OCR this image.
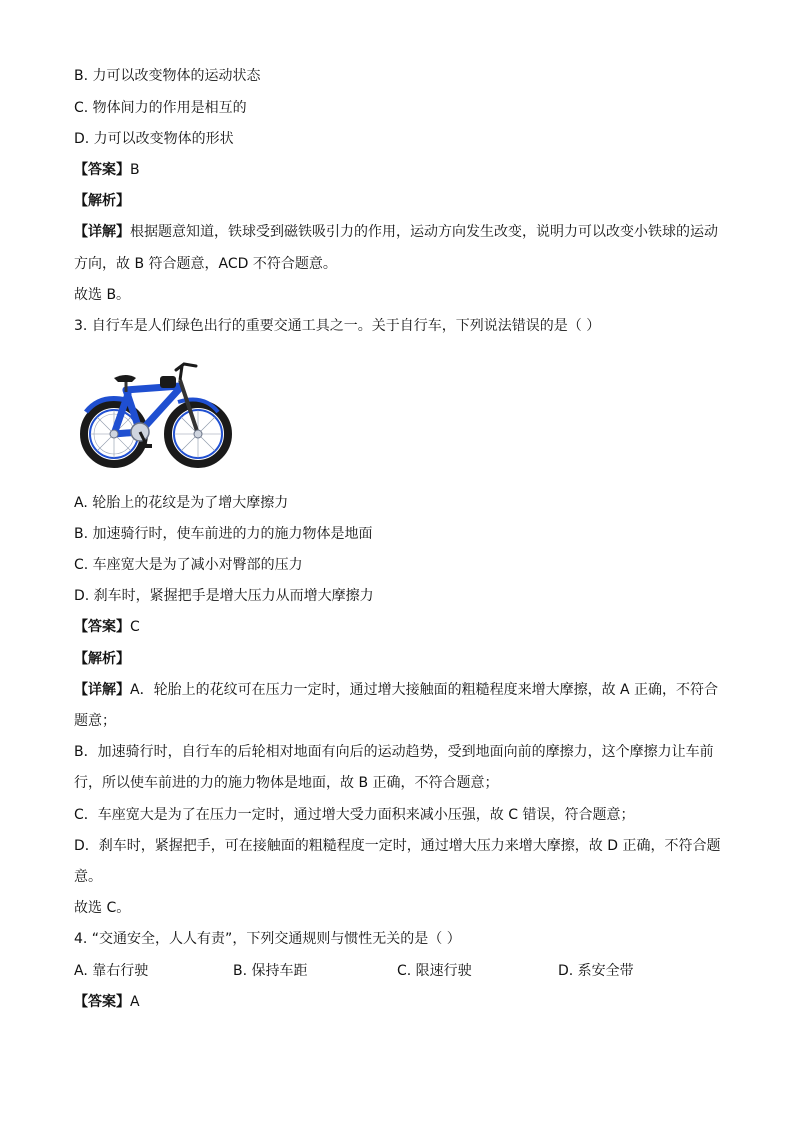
B. 力可以改变物体的运动状态
C. 物体间力的作用是相互的
D. 力可以改变物体的形状
【答案】B
【解析】
【详解】根据题意知道，铁球受到磁铁吸引力的作用，运动方向发生改变，说明力可以改变小铁球的运动
方向，故 B 符合题意，ACD 不符合题意。
故选 B。
3. 自行车是人们绿色出行的重要交通工具之一。关于自行车，下列说法错误的是（ ）
A. 轮胎上的花纹是为了增大摩擦力
B. 加速骑行时，使车前进的力的施力物体是地面
C. 车座宽大是为了减小对臀部的压力
D. 刹车时，紧握把手是增大压力从而增大摩擦力
【答案】C
【解析】
【详解】A．轮胎上的花纹可在压力一定时，通过增大接触面的粗糙程度来增大摩擦，故 A 正确，不符合
题意；
B．加速骑行时，自行车的后轮相对地面有向后的运动趋势，受到地面向前的摩擦力，这个摩擦力让车前
行，所以使车前进的力的施力物体是地面，故 B 正确，不符合题意；
C．车座宽大是为了在压力一定时，通过增大受力面积来减小压强，故 C 错误，符合题意；
D．刹车时，紧握把手，可在接触面的粗糙程度一定时，通过增大压力来增大摩擦，故 D 正确，不符合题
意。
故选 C。
4. “交通安全，人人有责”，下列交通规则与惯性无关的是（ ）
A. 靠右行驶	B. 保持车距	C. 限速行驶	D. 系安全带
【答案】A
